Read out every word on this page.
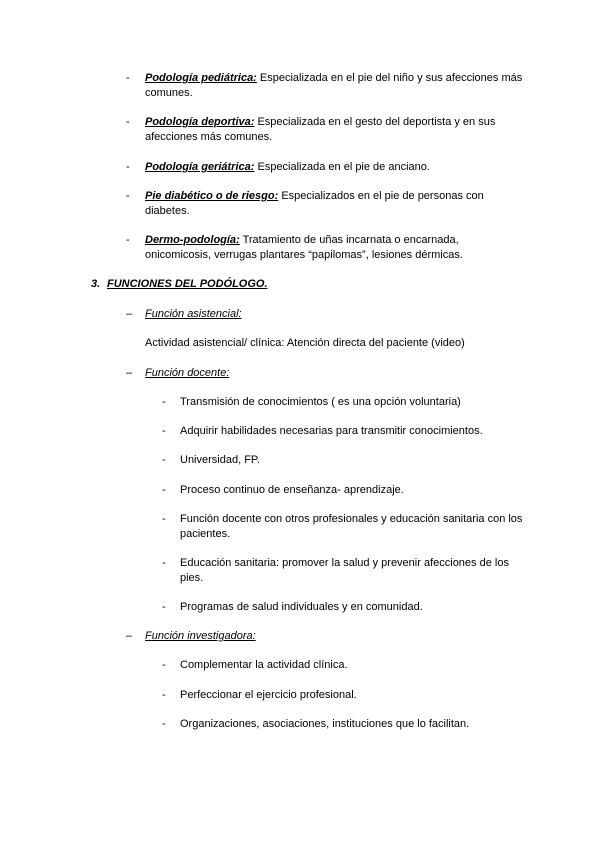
- Podología pediátrica: Especializada en el pie del niño y sus afecciones más comunes.
- Podología deportiva: Especializada en el gesto del deportista y en sus afecciones más comunes.
- Podología geriátrica: Especializada en el pie de anciano.
- Pie diabético o de riesgo: Especializados en el pie de personas con diabetes.
- Dermo-podología: Tratamiento de uñas incarnata o encarnada, onicomicosis, verrugas plantares “papilomas”, lesiones dérmicas.
3. FUNCIONES DEL PODÓLOGO.
– Función asistencial:
Actividad asistencial/ clínica: Atención directa del paciente (video)
– Función docente:
- Transmisión de conocimientos ( es una opción voluntaria)
- Adquirir habilidades necesarias para transmitir conocimientos.
- Universidad, FP.
- Proceso continuo de enseñanza- aprendizaje.
- Función docente con otros profesionales y educación sanitaria con los pacientes.
- Educación sanitaria: promover la salud y prevenir afecciones de los pies.
- Programas de salud individuales y en comunidad.
– Función investigadora:
- Complementar la actividad clínica.
- Perfeccionar el ejercicio profesional.
- Organizaciones, asociaciones, instituciones que lo facilitan.
